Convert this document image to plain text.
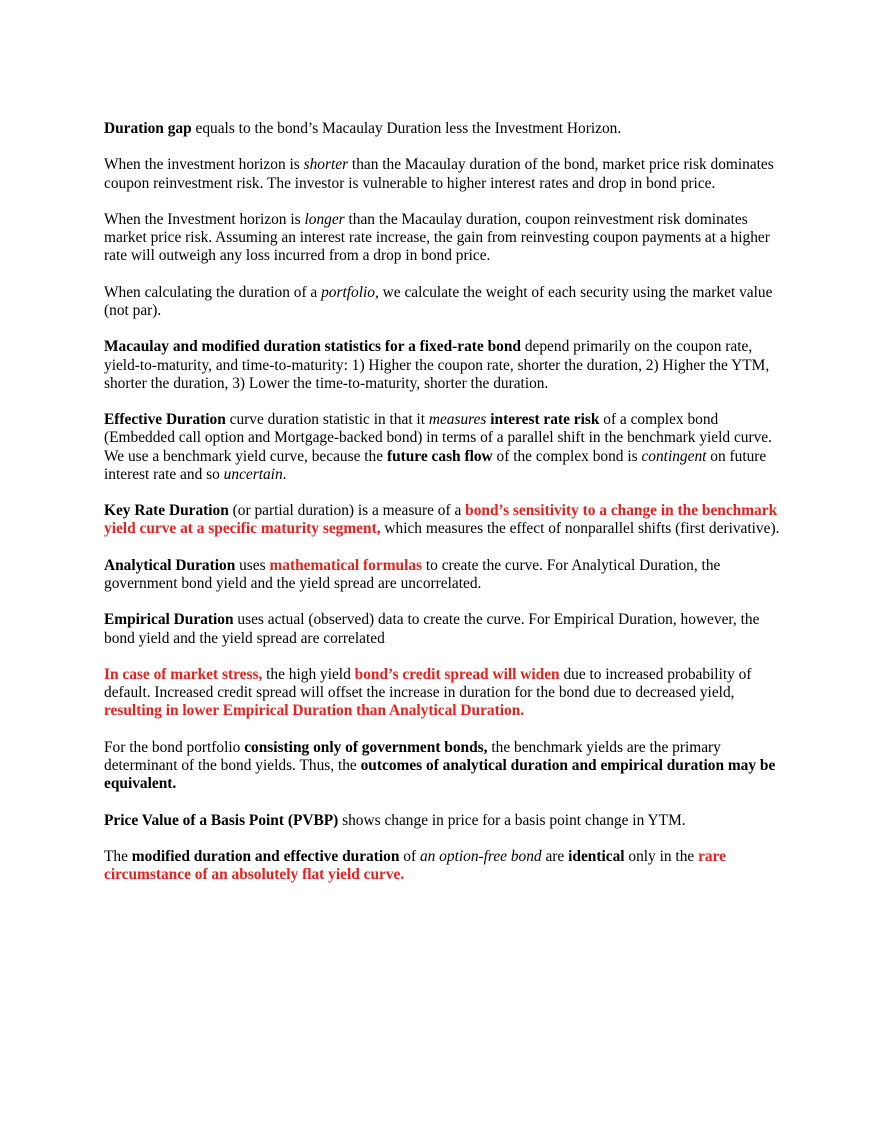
Duration gap equals to the bond’s Macaulay Duration less the Investment Horizon.

When the investment horizon is shorter than the Macaulay duration of the bond, market price risk dominates coupon reinvestment risk. The investor is vulnerable to higher interest rates and drop in bond price.

When the Investment horizon is longer than the Macaulay duration, coupon reinvestment risk dominates market price risk. Assuming an interest rate increase, the gain from reinvesting coupon payments at a higher rate will outweigh any loss incurred from a drop in bond price.

When calculating the duration of a portfolio, we calculate the weight of each security using the market value (not par).

Macaulay and modified duration statistics for a fixed-rate bond depend primarily on the coupon rate, yield-to-maturity, and time-to-maturity: 1) Higher the coupon rate, shorter the duration, 2) Higher the YTM, shorter the duration, 3) Lower the time-to-maturity, shorter the duration.

Effective Duration curve duration statistic in that it measures interest rate risk of a complex bond (Embedded call option and Mortgage-backed bond) in terms of a parallel shift in the benchmark yield curve. We use a benchmark yield curve, because the future cash flow of the complex bond is contingent on future interest rate and so uncertain.

Key Rate Duration (or partial duration) is a measure of a bond’s sensitivity to a change in the benchmark yield curve at a specific maturity segment, which measures the effect of nonparallel shifts (first derivative).

Analytical Duration uses mathematical formulas to create the curve. For Analytical Duration, the government bond yield and the yield spread are uncorrelated.

Empirical Duration uses actual (observed) data to create the curve. For Empirical Duration, however, the bond yield and the yield spread are correlated

In case of market stress, the high yield bond’s credit spread will widen due to increased probability of default. Increased credit spread will offset the increase in duration for the bond due to decreased yield, resulting in lower Empirical Duration than Analytical Duration.

For the bond portfolio consisting only of government bonds, the benchmark yields are the primary determinant of the bond yields. Thus, the outcomes of analytical duration and empirical duration may be equivalent.

Price Value of a Basis Point (PVBP) shows change in price for a basis point change in YTM.

The modified duration and effective duration of an option-free bond are identical only in the rare circumstance of an absolutely flat yield curve.
